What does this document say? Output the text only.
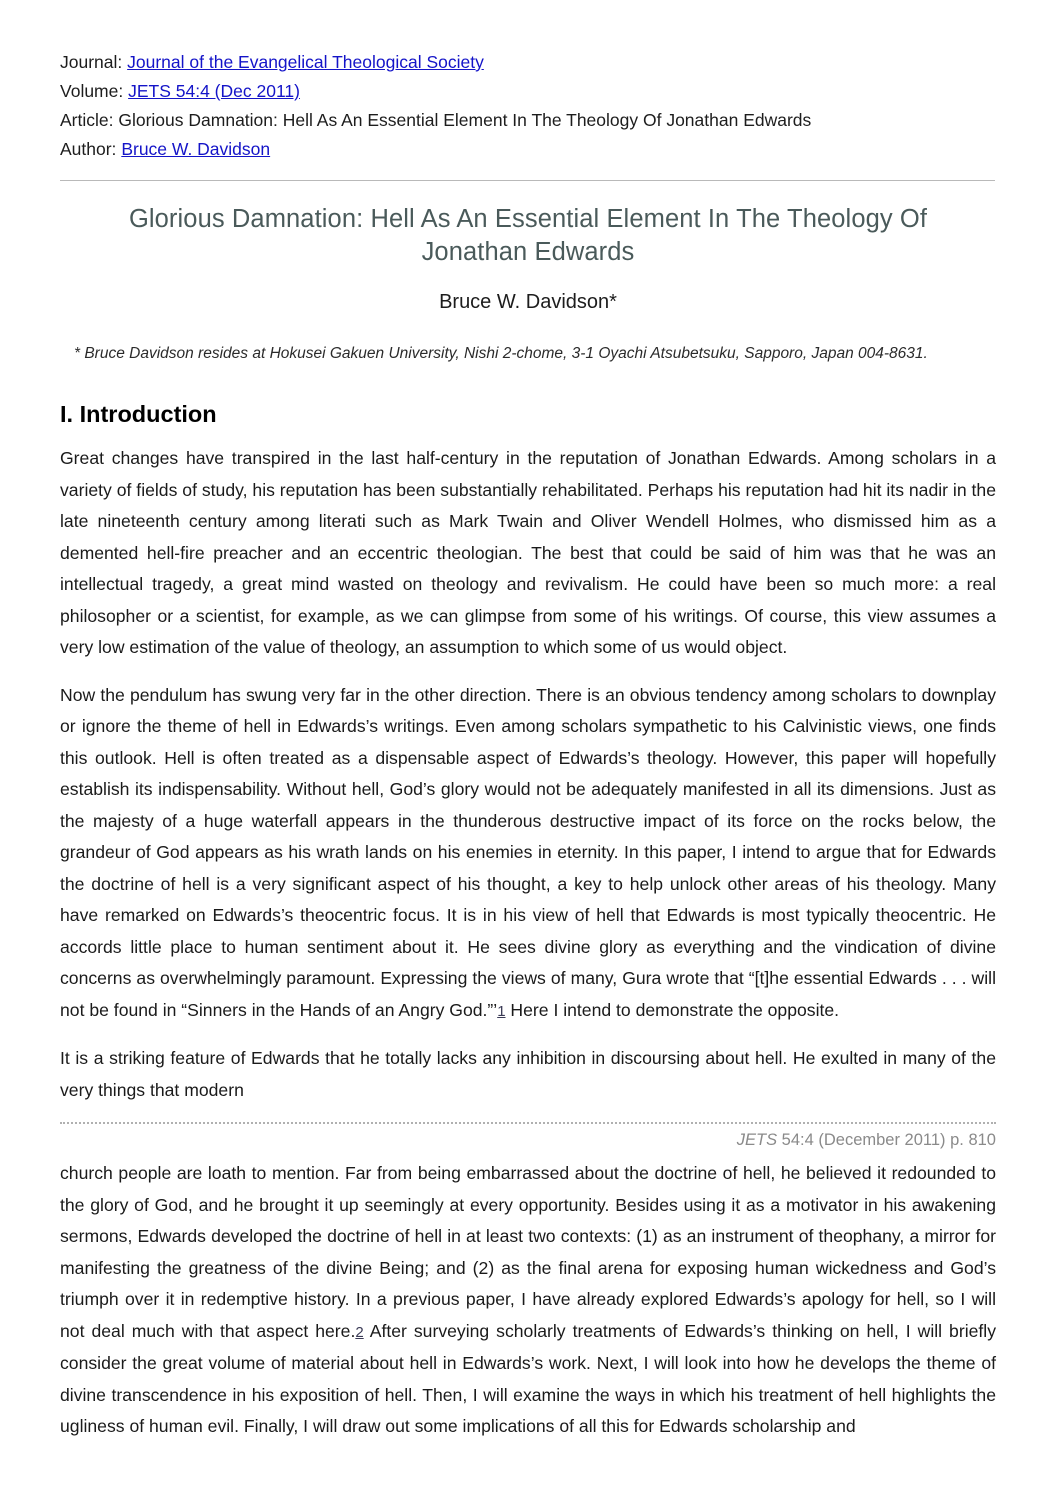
Journal: Journal of the Evangelical Theological Society
Volume: JETS 54:4 (Dec 2011)
Article: Glorious Damnation: Hell As An Essential Element In The Theology Of Jonathan Edwards
Author: Bruce W. Davidson
Glorious Damnation: Hell As An Essential Element In The Theology Of Jonathan Edwards
Bruce W. Davidson*
* Bruce Davidson resides at Hokusei Gakuen University, Nishi 2-chome, 3-1 Oyachi Atsubetsuku, Sapporo, Japan 004-8631.
I. Introduction

Great changes have transpired in the last half-century in the reputation of Jonathan Edwards. Among scholars in a variety of fields of study, his reputation has been substantially rehabilitated. Perhaps his reputation had hit its nadir in the late nineteenth century among literati such as Mark Twain and Oliver Wendell Holmes, who dismissed him as a demented hell-fire preacher and an eccentric theologian. The best that could be said of him was that he was an intellectual tragedy, a great mind wasted on theology and revivalism. He could have been so much more: a real philosopher or a scientist, for example, as we can glimpse from some of his writings. Of course, this view assumes a very low estimation of the value of theology, an assumption to which some of us would object.

Now the pendulum has swung very far in the other direction. There is an obvious tendency among scholars to downplay or ignore the theme of hell in Edwards’s writings. Even among scholars sympathetic to his Calvinistic views, one finds this outlook. Hell is often treated as a dispensable aspect of Edwards’s theology. However, this paper will hopefully establish its indispensability. Without hell, God’s glory would not be adequately manifested in all its dimensions. Just as the majesty of a huge waterfall appears in the thunderous destructive impact of its force on the rocks below, the grandeur of God appears as his wrath lands on his enemies in eternity. In this paper, I intend to argue that for Edwards the doctrine of hell is a very significant aspect of his thought, a key to help unlock other areas of his theology. Many have remarked on Edwards’s theocentric focus. It is in his view of hell that Edwards is most typically theocentric. He accords little place to human sentiment about it. He sees divine glory as everything and the vindication of divine concerns as overwhelmingly paramount. Expressing the views of many, Gura wrote that “[t]he essential Edwards . . . will not be found in “Sinners in the Hands of an Angry God.”’1 Here I intend to demonstrate the opposite.

It is a striking feature of Edwards that he totally lacks any inhibition in discoursing about hell. He exulted in many of the very things that modern

JETS 54:4 (December 2011) p. 810

church people are loath to mention. Far from being embarrassed about the doctrine of hell, he believed it redounded to the glory of God, and he brought it up seemingly at every opportunity. Besides using it as a motivator in his awakening sermons, Edwards developed the doctrine of hell in at least two contexts: (1) as an instrument of theophany, a mirror for manifesting the greatness of the divine Being; and (2) as the final arena for exposing human wickedness and God’s triumph over it in redemptive history. In a previous paper, I have already explored Edwards’s apology for hell, so I will not deal much with that aspect here.2 After surveying scholarly treatments of Edwards’s thinking on hell, I will briefly consider the great volume of material about hell in Edwards’s work. Next, I will look into how he develops the theme of divine transcendence in his exposition of hell. Then, I will examine the ways in which his treatment of hell highlights the ugliness of human evil. Finally, I will draw out some implications of all this for Edwards scholarship and
